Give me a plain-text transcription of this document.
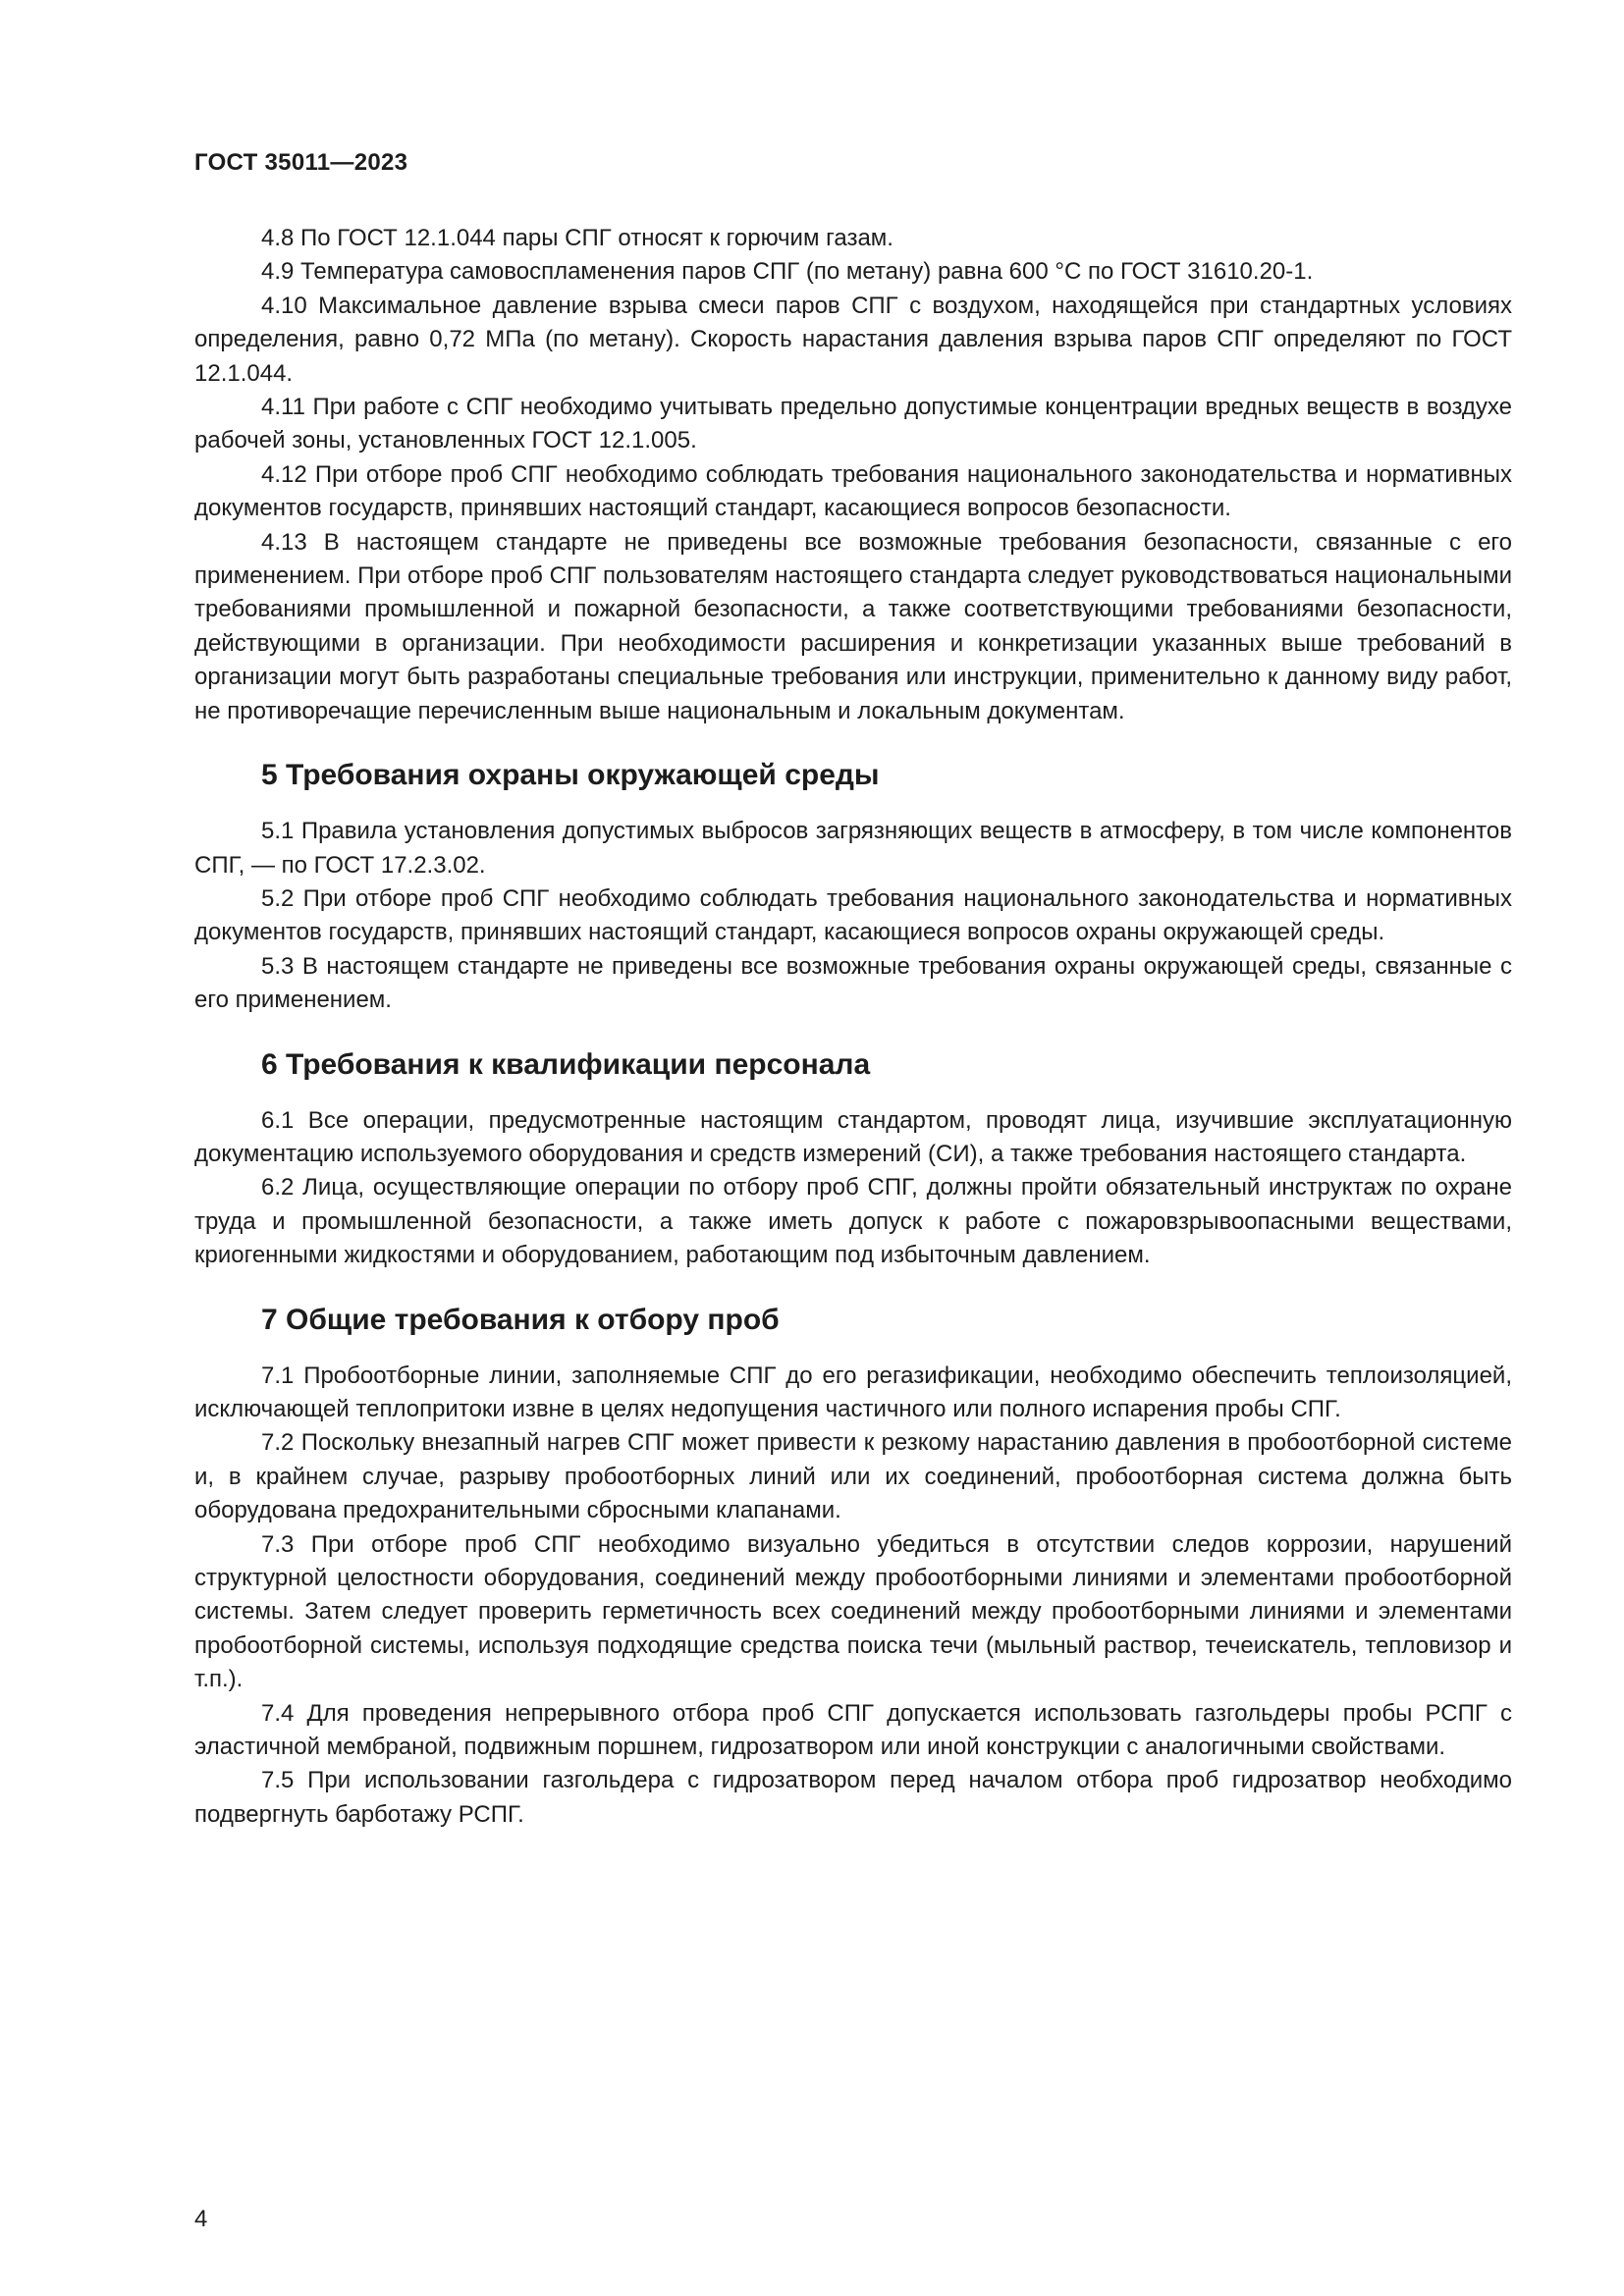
ГОСТ 35011—2023

4.8 По ГОСТ 12.1.044 пары СПГ относят к горючим газам.

4.9 Температура самовоспламенения паров СПГ (по метану) равна 600 °C по ГОСТ 31610.20-1.

4.10 Максимальное давление взрыва смеси паров СПГ с воздухом, находящейся при стандартных условиях определения, равно 0,72 МПа (по метану). Скорость нарастания давления взрыва паров СПГ определяют по ГОСТ 12.1.044.

4.11 При работе с СПГ необходимо учитывать предельно допустимые концентрации вредных веществ в воздухе рабочей зоны, установленных ГОСТ 12.1.005.

4.12 При отборе проб СПГ необходимо соблюдать требования национального законодательства и нормативных документов государств, принявших настоящий стандарт, касающиеся вопросов безопасности.

4.13 В настоящем стандарте не приведены все возможные требования безопасности, связанные с его применением. При отборе проб СПГ пользователям настоящего стандарта следует руководствоваться национальными требованиями промышленной и пожарной безопасности, а также соответствующими требованиями безопасности, действующими в организации. При необходимости расширения и конкретизации указанных выше требований в организации могут быть разработаны специальные требования или инструкции, применительно к данному виду работ, не противоречащие перечисленным выше национальным и локальным документам.

5 Требования охраны окружающей среды

5.1 Правила установления допустимых выбросов загрязняющих веществ в атмосферу, в том числе компонентов СПГ, — по ГОСТ 17.2.3.02.

5.2 При отборе проб СПГ необходимо соблюдать требования национального законодательства и нормативных документов государств, принявших настоящий стандарт, касающиеся вопросов охраны окружающей среды.

5.3 В настоящем стандарте не приведены все возможные требования охраны окружающей среды, связанные с его применением.

6 Требования к квалификации персонала

6.1 Все операции, предусмотренные настоящим стандартом, проводят лица, изучившие эксплуатационную документацию используемого оборудования и средств измерений (СИ), а также требования настоящего стандарта.

6.2 Лица, осуществляющие операции по отбору проб СПГ, должны пройти обязательный инструктаж по охране труда и промышленной безопасности, а также иметь допуск к работе с пожаровзрывоопасными веществами, криогенными жидкостями и оборудованием, работающим под избыточным давлением.

7 Общие требования к отбору проб

7.1 Пробоотборные линии, заполняемые СПГ до его регазификации, необходимо обеспечить теплоизоляцией, исключающей теплопритоки извне в целях недопущения частичного или полного испарения пробы СПГ.

7.2 Поскольку внезапный нагрев СПГ может привести к резкому нарастанию давления в пробоотборной системе и, в крайнем случае, разрыву пробоотборных линий или их соединений, пробоотборная система должна быть оборудована предохранительными сбросными клапанами.

7.3 При отборе проб СПГ необходимо визуально убедиться в отсутствии следов коррозии, нарушений структурной целостности оборудования, соединений между пробоотборными линиями и элементами пробоотборной системы. Затем следует проверить герметичность всех соединений между пробоотборными линиями и элементами пробоотборной системы, используя подходящие средства поиска течи (мыльный раствор, течеискатель, тепловизор и т.п.).

7.4 Для проведения непрерывного отбора проб СПГ допускается использовать газгольдеры пробы РСПГ с эластичной мембраной, подвижным поршнем, гидрозатвором или иной конструкции с аналогичными свойствами.

7.5 При использовании газгольдера с гидрозатвором перед началом отбора проб гидрозатвор необходимо подвергнуть барботажу РСПГ.

4
